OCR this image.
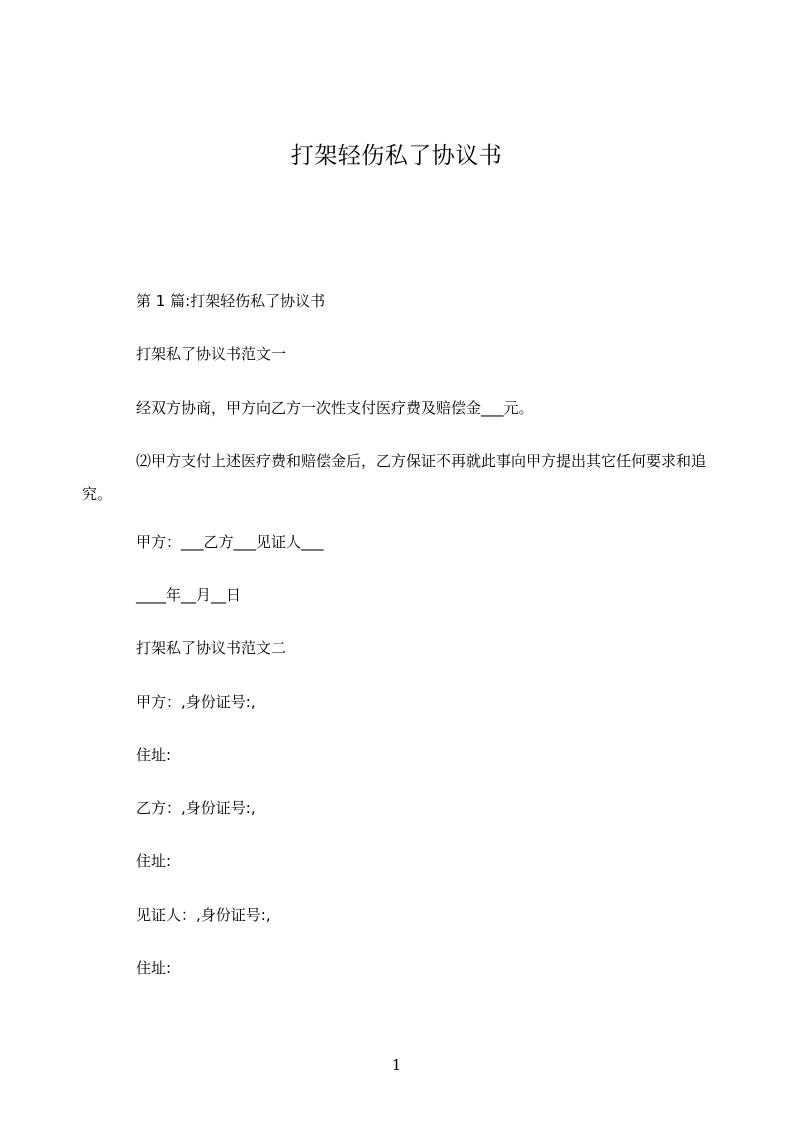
打架轻伤私了协议书
第 1 篇:打架轻伤私了协议书
打架私了协议书范文一
经双方协商，甲方向乙方一次性支付医疗费及赔偿金___元。
⑵甲方支付上述医疗费和赔偿金后，乙方保证不再就此事向甲方提出其它任何要求和追究。
甲方：___乙方___见证人___
____年__月__日
打架私了协议书范文二
甲方：,身份证号:,
住址:
乙方：,身份证号:,
住址:
见证人：,身份证号:,
住址:
1
